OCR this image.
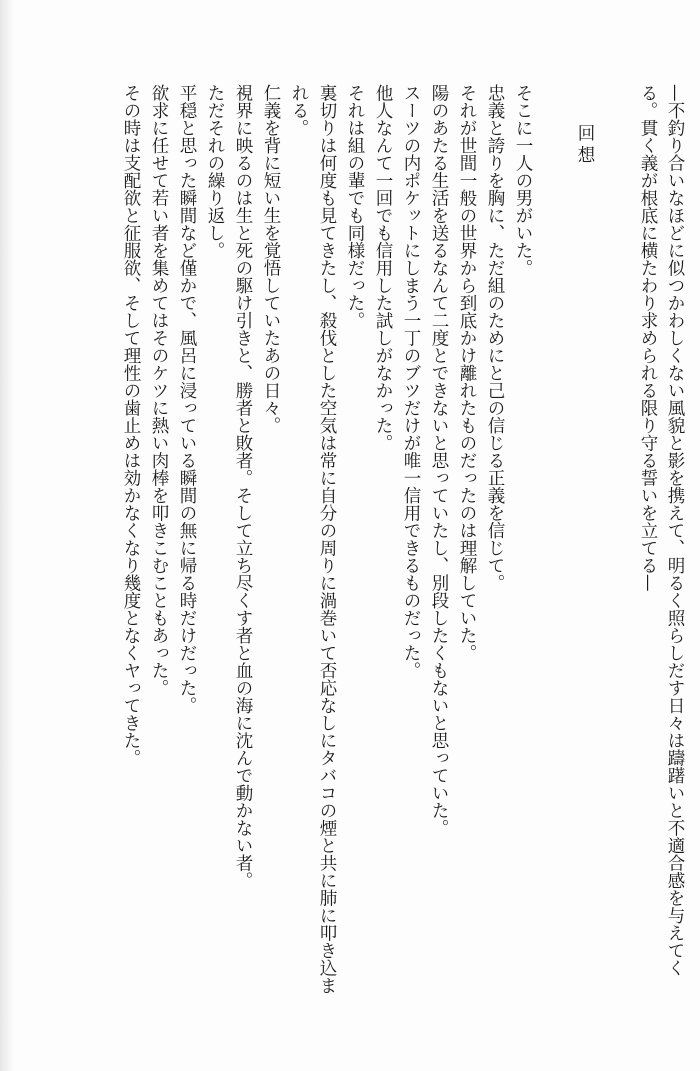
—不釣り合いなほどに似つかわしくない風貌と影を携えて、明るく照らしだす日々は躊躇いと不適合感を与えてく

る。貫く義が根底に横たわり求められる限り守る誓いを立てる—

回想

そこに一人の男がいた。

忠義と誇りを胸に、ただ組のためにと己の信じる正義を信じて。

それが世間一般の世界から到底かけ離れたものだったのは理解していた。

陽のあたる生活を送るなんて二度とできないと思っていたし、別段したくもないと思っていた。

スーツの内ポケットにしまう一丁のブツだけが唯一信用できるものだった。

他人なんて一回でも信用した試しがなかった。

それは組の輩でも同様だった。

裏切りは何度も見てきたし、殺伐とした空気は常に自分の周りに渦巻いて否応なしにタバコの煙と共に肺に叩き込ま

れる。

仁義を背に短い生を覚悟していたあの日々。

視界に映るのは生と死の駆け引きと、勝者と敗者。そして立ち尽くす者と血の海に沈んで動かない者。

ただそれの繰り返し。

平穏と思った瞬間など僅かで、風呂に浸っている瞬間の無に帰る時だけだった。

欲求に任せて若い者を集めてはそのケツに熱い肉棒を叩きこむこともあった。

その時は支配欲と征服欲、そして理性の歯止めは効かなくなり幾度となくヤってきた。
